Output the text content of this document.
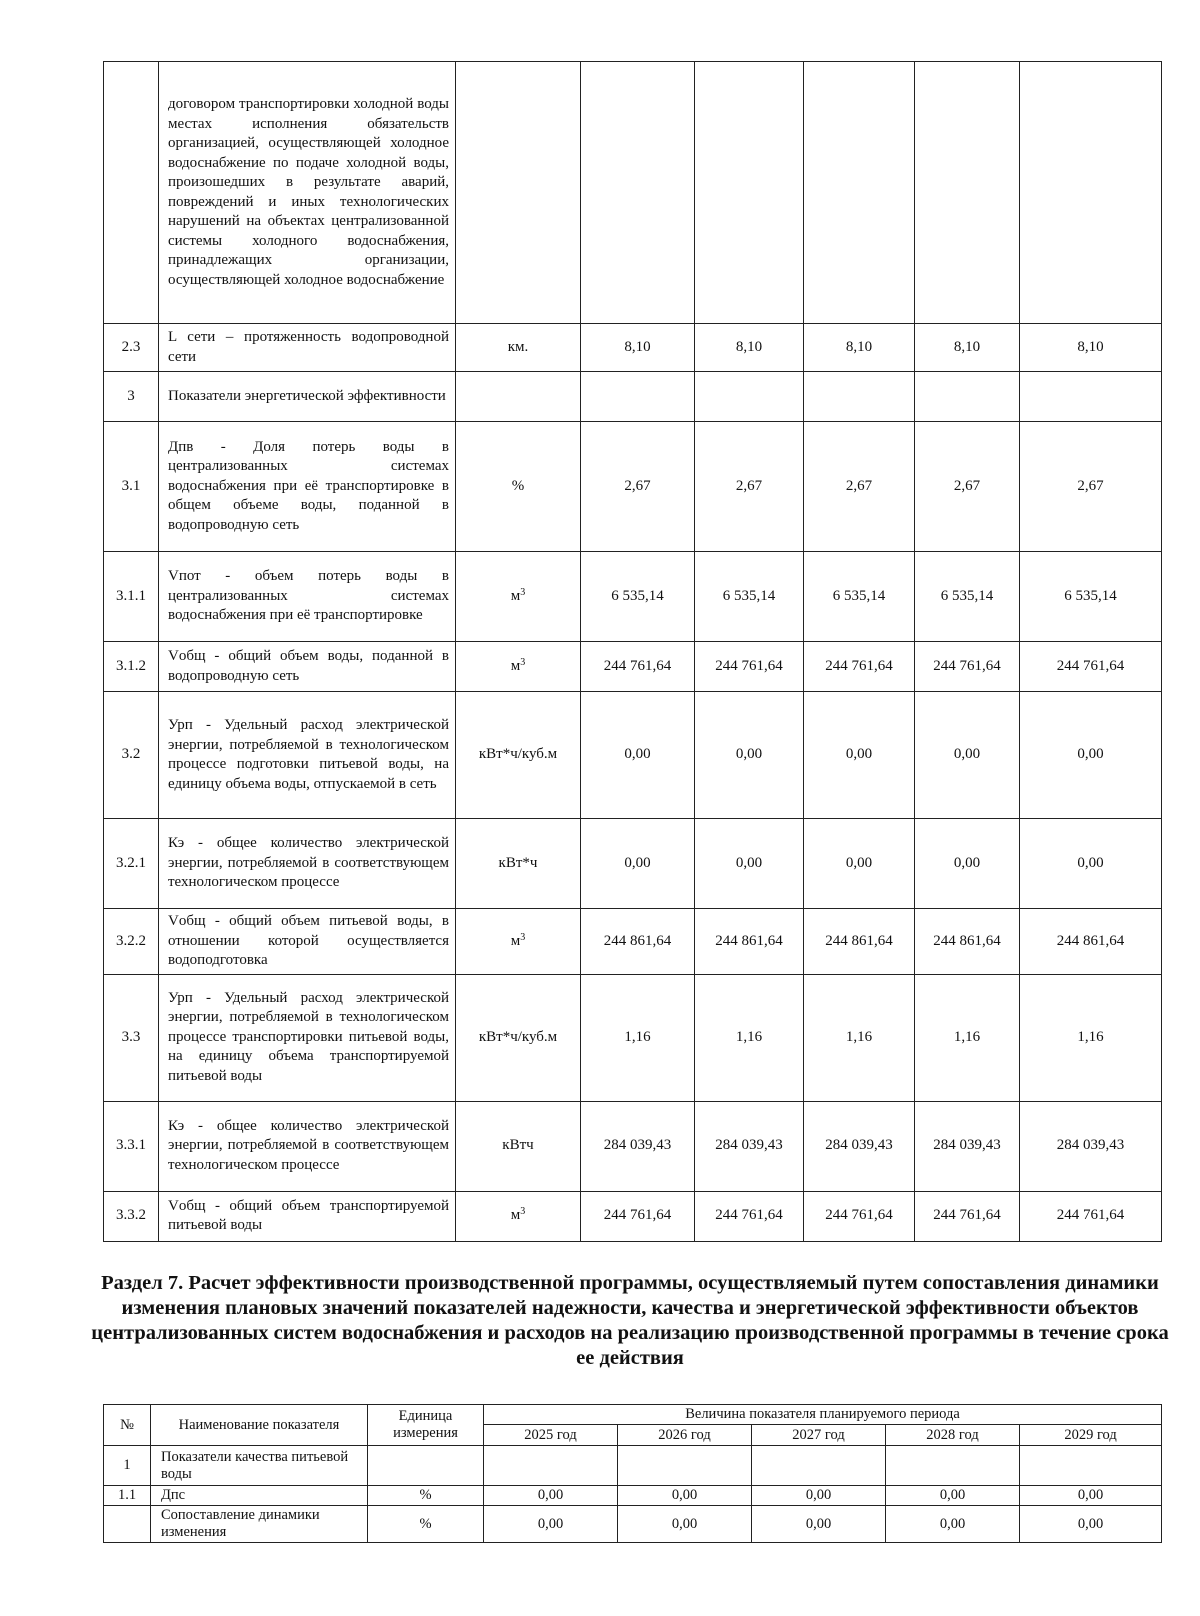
	договором транспортировки холодной воды местах исполнения обязательств организацией, осуществляющей холодное водоснабжение по подаче холодной воды, произошедших в результате аварий, повреждений и иных технологических нарушений на объектах централизованной системы холодного водоснабжения, принадлежащих организации, осуществляющей холодное водоснабжение						
2.3	L сети – протяженность водопроводной сети	км.	8,10	8,10	8,10	8,10	8,10
3	Показатели энергетической эффективности						
3.1	Дпв - Доля потерь воды в централизованных системах водоснабжения при её транспортировке в общем объеме воды, поданной в водопроводную сеть	%	2,67	2,67	2,67	2,67	2,67
3.1.1	Vпот - объем потерь воды в централизованных системах водоснабжения при её транспортировке	$м^3$	6 535,14	6 535,14	6 535,14	6 535,14	6 535,14
3.1.2	Vобщ - общий объем воды, поданной в водопроводную сеть	$м^3$	244 761,64	244 761,64	244 761,64	244 761,64	244 761,64
3.2	Урп - Удельный расход электрической энергии, потребляемой в технологическом процессе подготовки питьевой воды, на единицу объема воды, отпускаемой в сеть	кВт*ч/куб.м	0,00	0,00	0,00	0,00	0,00
3.2.1	Кэ - общее количество электрической энергии, потребляемой в соответствующем технологическом процессе	кВт*ч	0,00	0,00	0,00	0,00	0,00
3.2.2	Vобщ - общий объем питьевой воды, в отношении которой осуществляется водоподготовка	$м^3$	244 861,64	244 861,64	244 861,64	244 861,64	244 861,64
3.3	Урп - Удельный расход электрической энергии, потребляемой в технологическом процессе транспортировки питьевой воды, на единицу объема транспортируемой питьевой воды	кВт*ч/куб.м	1,16	1,16	1,16	1,16	1,16
3.3.1	Кэ - общее количество электрической энергии, потребляемой в соответствующем технологическом процессе	кВтч	284 039,43	284 039,43	284 039,43	284 039,43	284 039,43
3.3.2	Vобщ - общий объем транспортируемой питьевой воды	$м^3$	244 761,64	244 761,64	244 761,64	244 761,64	244 761,64
Раздел 7. Расчет эффективности производственной программы, осуществляемый путем сопоставления динамики изменения плановых значений показателей надежности, качества и энергетической эффективности объектов централизованных систем водоснабжения и расходов на реализацию производственной программы в течение срока ее действия
№	Наименование показателя	Единица измерения	Величина показателя планируемого периода				
			2025 год	2026 год	2027 год	2028 год	2029 год
1	Показатели качества питьевой воды						
1.1	Дпс	%	0,00	0,00	0,00	0,00	0,00
	Сопоставление динамики изменения	%	0,00	0,00	0,00	0,00	0,00
